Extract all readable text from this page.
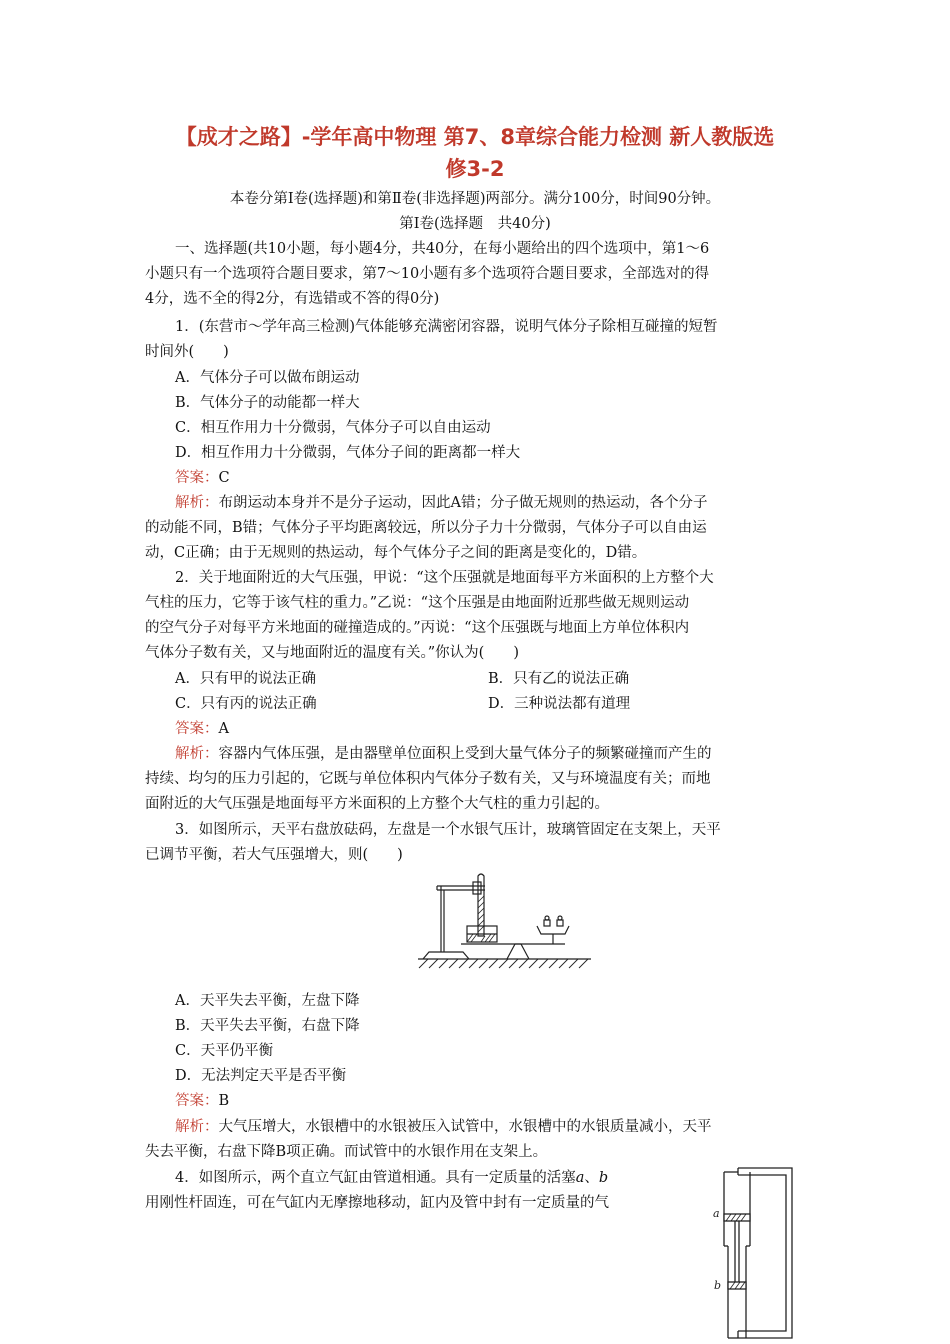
【成才之路】-学年高中物理 第7、8章综合能力检测 新人教版选
修3-2
本卷分第Ⅰ卷(选择题)和第Ⅱ卷(非选择题)两部分。满分100分，时间90分钟。
第Ⅰ卷(选择题　共40分)
一、选择题(共10小题，每小题4分，共40分，在每小题给出的四个选项中，第1～6
小题只有一个选项符合题目要求，第7～10小题有多个选项符合题目要求，全部选对的得
4分，选不全的得2分，有选错或不答的得0分)
1．(东营市～学年高三检测)气体能够充满密闭容器，说明气体分子除相互碰撞的短暂
时间外(　　)
A．气体分子可以做布朗运动
B．气体分子的动能都一样大
C．相互作用力十分微弱，气体分子可以自由运动
D．相互作用力十分微弱，气体分子间的距离都一样大
答案：C
解析：布朗运动本身并不是分子运动，因此A错；分子做无规则的热运动，各个分子
的动能不同，B错；气体分子平均距离较远，所以分子力十分微弱，气体分子可以自由运
动，C正确；由于无规则的热运动，每个气体分子之间的距离是变化的，D错。
2．关于地面附近的大气压强，甲说：“这个压强就是地面每平方米面积的上方整个大
气柱的压力，它等于该气柱的重力。”乙说：“这个压强是由地面附近那些做无规则运动
的空气分子对每平方米地面的碰撞造成的。”丙说：“这个压强既与地面上方单位体积内
气体分子数有关，又与地面附近的温度有关。”你认为(　　)
A．只有甲的说法正确	B．只有乙的说法正确
C．只有丙的说法正确	D．三种说法都有道理
答案：A
解析：容器内气体压强，是由器壁单位面积上受到大量气体分子的频繁碰撞而产生的
持续、均匀的压力引起的，它既与单位体积内气体分子数有关，又与环境温度有关；而地
面附近的大气压强是地面每平方米面积的上方整个大气柱的重力引起的。
3．如图所示，天平右盘放砝码，左盘是一个水银气压计，玻璃管固定在支架上，天平
已调节平衡，若大气压强增大，则(　　)
A．天平失去平衡，左盘下降
B．天平失去平衡，右盘下降
C．天平仍平衡
D．无法判定天平是否平衡
答案：B
解析：大气压增大，水银槽中的水银被压入试管中，水银槽中的水银质量减小，天平
失去平衡，右盘下降B项正确。而试管中的水银作用在支架上。
4．如图所示，两个直立气缸由管道相通。具有一定质量的活塞a、b
用刚性杆固连，可在气缸内无摩擦地移动，缸内及管中封有一定质量的气
a
b
